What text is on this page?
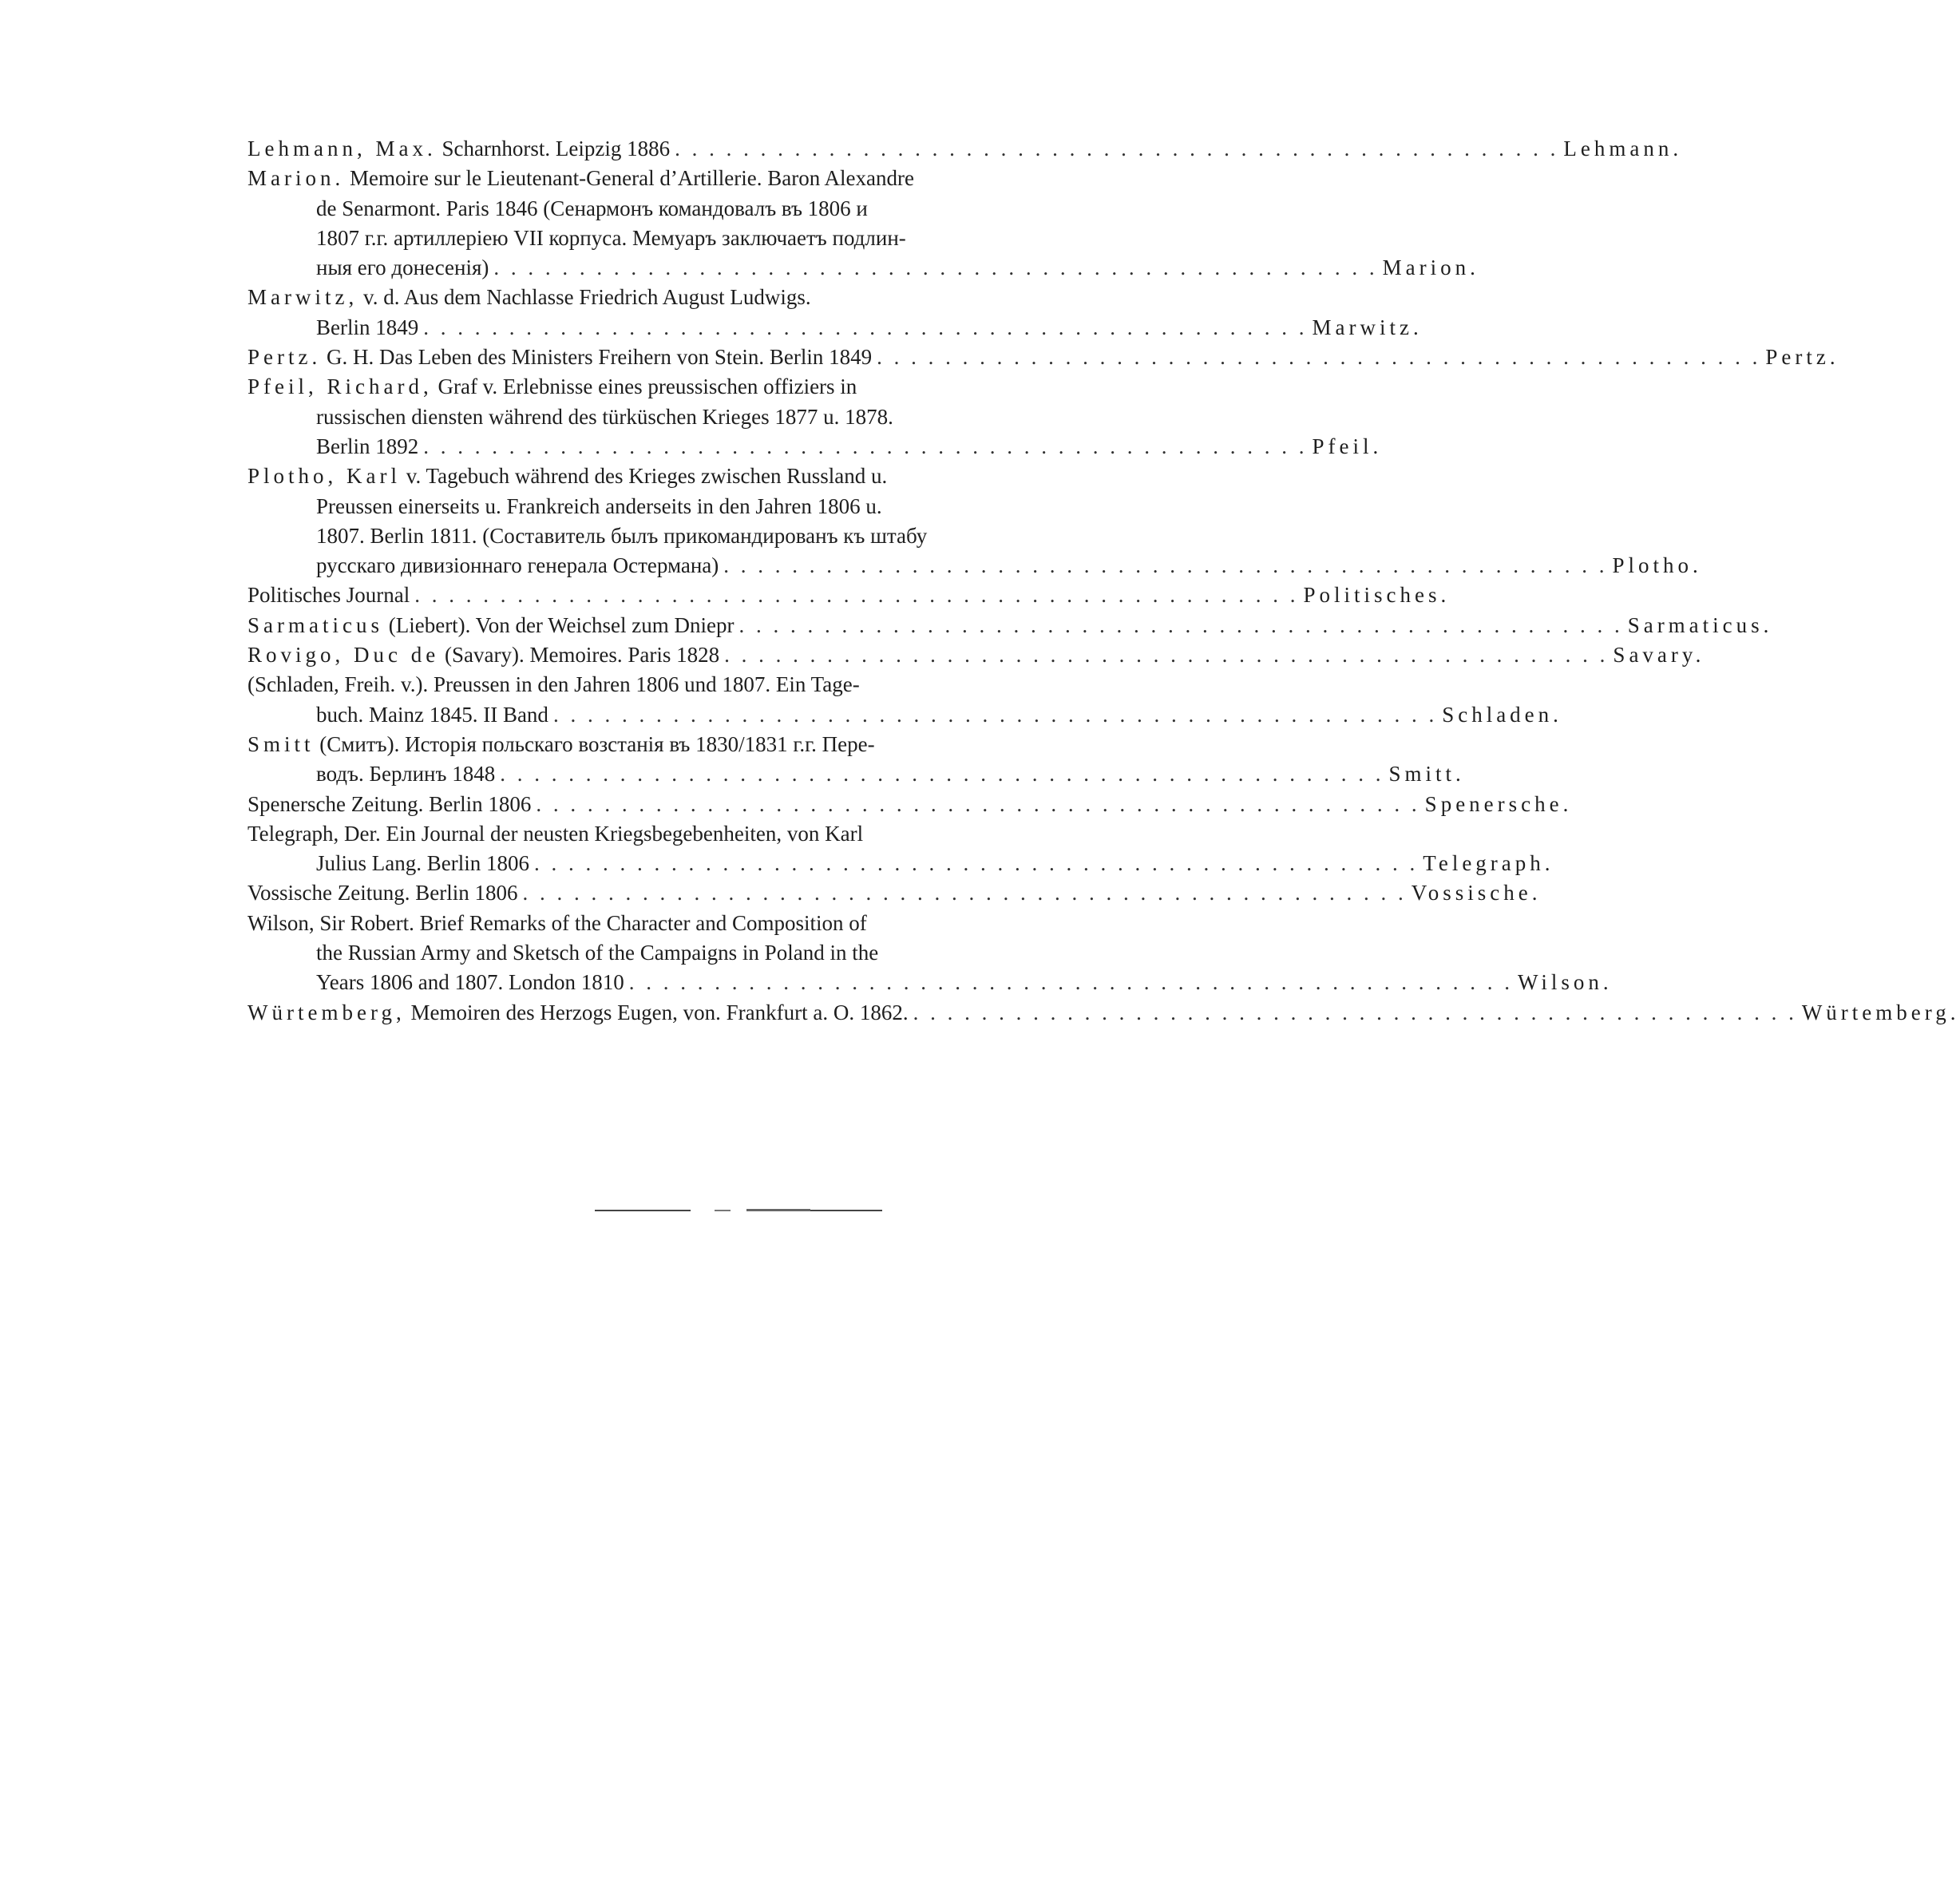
Lehmann, Max. Scharnhorst. Leipzig 1886 . . . . . . . . . . . . . . . . . . . . . . . . . . . . . . . . . . . . . . . . . . . . . . . . . . . . Lehmann.
Marion. Memoire sur le Lieutenant-General d’Artillerie. Baron Alexandre
de Senarmont. Paris 1846 (Сенармонъ командовалъ въ 1806 и
1807 г.г. артиллеріею VII корпуса. Мемуаръ заключаетъ подлин-
ныя его донесенія) . . . . . . . . . . . . . . . . . . . . . . . . . . . . . . . . . . . . . . . . . . . . . . . . . . . . Marion.
Marwitz, v. d. Aus dem Nachlasse Friedrich August Ludwigs.
Berlin 1849 . . . . . . . . . . . . . . . . . . . . . . . . . . . . . . . . . . . . . . . . . . . . . . . . . . . . Marwitz.
Pertz. G. H. Das Leben des Ministers Freihern von Stein. Berlin 1849 . . . . . . . . . . . . . . . . . . . . . . . . . . . . . . . . . . . . . . . . . . . . . . . . . . . . Pertz.
Pfeil, Richard, Graf v. Erlebnisse eines preussischen offiziers in
russischen diensten während des türküschen Krieges 1877 u. 1878.
Berlin 1892 . . . . . . . . . . . . . . . . . . . . . . . . . . . . . . . . . . . . . . . . . . . . . . . . . . . . Pfeil.
Plotho, Karl v. Tagebuch während des Krieges zwischen Russland u.
Preussen einerseits u. Frankreich anderseits in den Jahren 1806 u.
1807. Berlin 1811. (Составитель былъ прикомандированъ къ штабу
русскаго дивизіоннаго генерала Остермана) . . . . . . . . . . . . . . . . . . . . . . . . . . . . . . . . . . . . . . . . . . . . . . . . . . . . Plotho.
Politisches Journal . . . . . . . . . . . . . . . . . . . . . . . . . . . . . . . . . . . . . . . . . . . . . . . . . . . . Politisches.
Sarmaticus (Liebert). Von der Weichsel zum Dniepr . . . . . . . . . . . . . . . . . . . . . . . . . . . . . . . . . . . . . . . . . . . . . . . . . . . . Sarmaticus.
Rovigo, Duc de (Savary). Memoires. Paris 1828 . . . . . . . . . . . . . . . . . . . . . . . . . . . . . . . . . . . . . . . . . . . . . . . . . . . . Savary.
(Schladen, Freih. v.). Preussen in den Jahren 1806 und 1807. Ein Tage-
buch. Mainz 1845. II Band . . . . . . . . . . . . . . . . . . . . . . . . . . . . . . . . . . . . . . . . . . . . . . . . . . . . Schladen.
Smitt (Смитъ). Исторія польскаго возстанія въ 1830/1831 г.г. Пере-
водъ. Берлинъ 1848 . . . . . . . . . . . . . . . . . . . . . . . . . . . . . . . . . . . . . . . . . . . . . . . . . . . . Smitt.
Spenersche Zeitung. Berlin 1806 . . . . . . . . . . . . . . . . . . . . . . . . . . . . . . . . . . . . . . . . . . . . . . . . . . . . Spenersche.
Telegraph, Der. Ein Journal der neusten Kriegsbegebenheiten, von Karl
Julius Lang. Berlin 1806 . . . . . . . . . . . . . . . . . . . . . . . . . . . . . . . . . . . . . . . . . . . . . . . . . . . . Telegraph.
Vossische Zeitung. Berlin 1806 . . . . . . . . . . . . . . . . . . . . . . . . . . . . . . . . . . . . . . . . . . . . . . . . . . . . Vossische.
Wilson, Sir Robert. Brief Remarks of the Character and Composition of
the Russian Army and Sketsch of the Campaigns in Poland in the
Years 1806 and 1807. London 1810 . . . . . . . . . . . . . . . . . . . . . . . . . . . . . . . . . . . . . . . . . . . . . . . . . . . . Wilson.
Würtemberg, Memoiren des Herzogs Eugen, von. Frankfurt a. O. 1862. . . . . . . . . . . . . . . . . . . . . . . . . . . . . . . . . . . . . . . . . . . . . . . . . . . . . Würtemberg.
